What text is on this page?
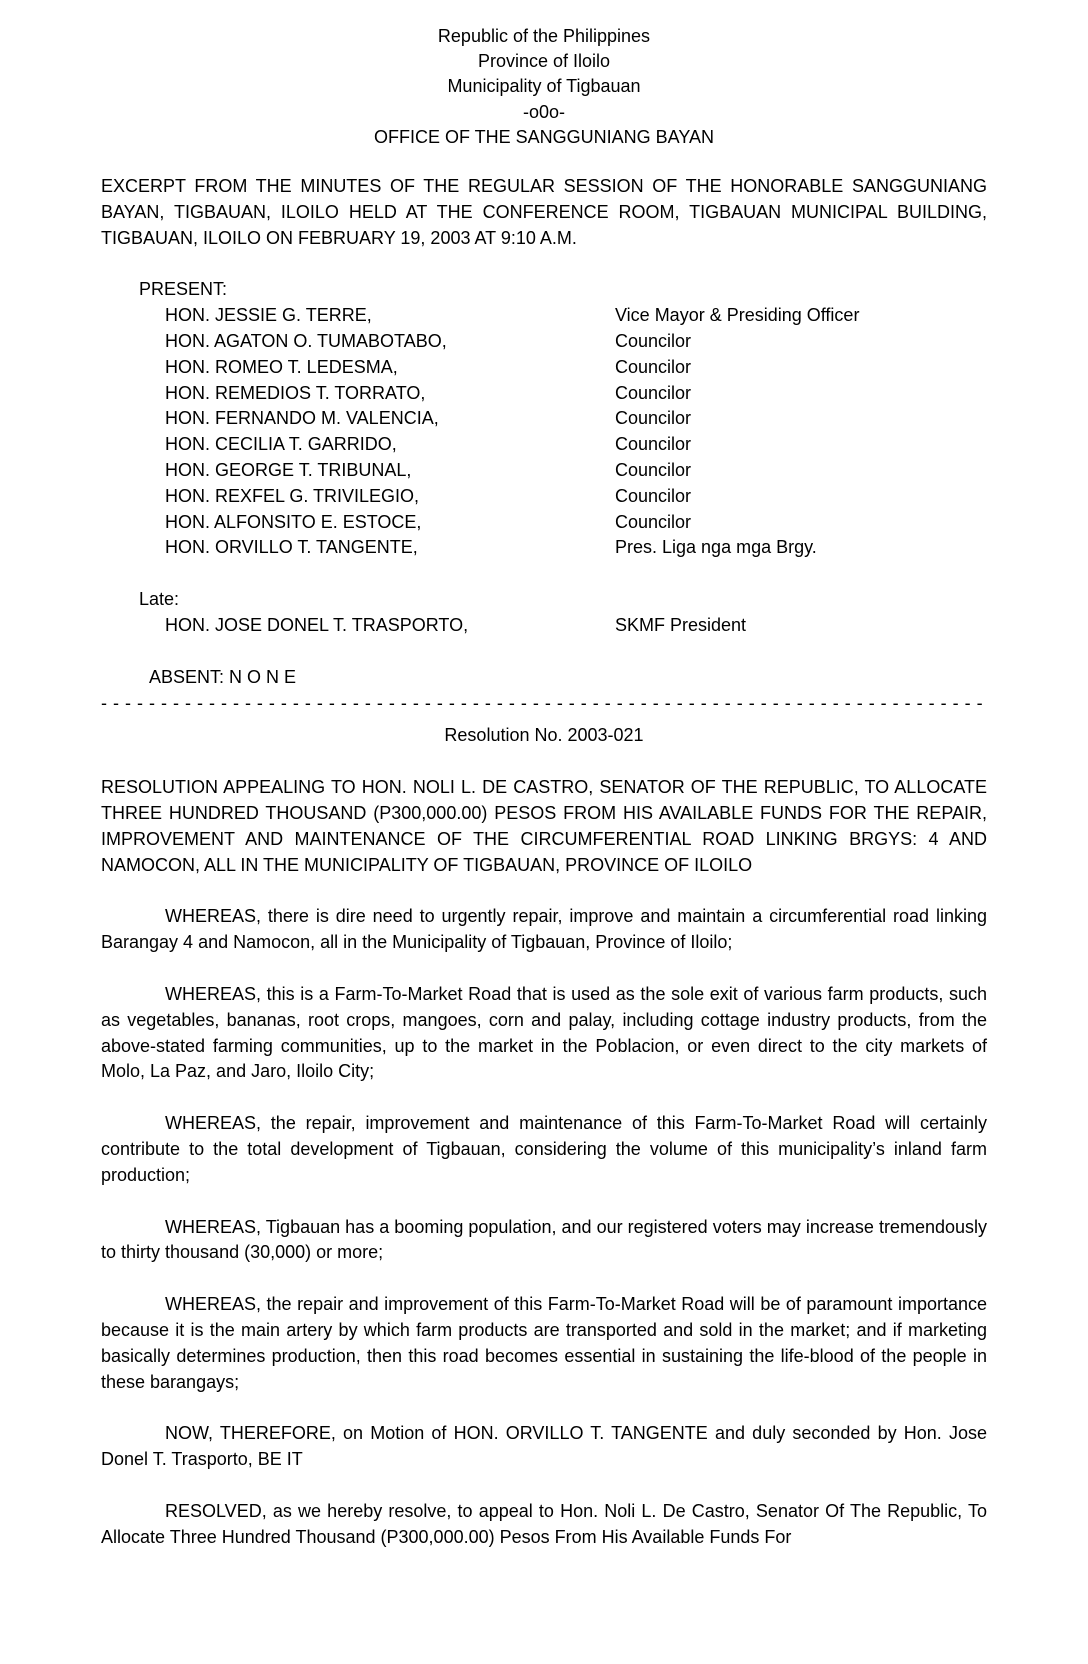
Republic of the Philippines
Province of Iloilo
Municipality of Tigbauan
-o0o-
OFFICE OF THE SANGGUNIANG BAYAN
EXCERPT FROM THE MINUTES OF THE REGULAR SESSION OF THE HONORABLE SANGGUNIANG BAYAN, TIGBAUAN, ILOILO HELD AT THE CONFERENCE ROOM, TIGBAUAN MUNICIPAL BUILDING, TIGBAUAN, ILOILO ON FEBRUARY 19, 2003 AT 9:10 A.M.
PRESENT:
HON. JESSIE G. TERRE,	Vice Mayor & Presiding Officer
HON. AGATON O. TUMABOTABO,	Councilor
HON. ROMEO T. LEDESMA,	Councilor
HON. REMEDIOS T. TORRATO,	Councilor
HON. FERNANDO M. VALENCIA,	Councilor
HON. CECILIA T. GARRIDO,	Councilor
HON. GEORGE T. TRIBUNAL,	Councilor
HON. REXFEL G. TRIVILEGIO,	Councilor
HON. ALFONSITO E. ESTOCE,	Councilor
HON. ORVILLO T. TANGENTE,	Pres. Liga nga mga Brgy.
Late:
HON. JOSE DONEL T. TRASPORTO,	SKMF President
ABSENT: N O N E
- - - - - - - - - - - - - - - - - - - - - - - - - - - - - - - - - - - - - - - - - - - - - - - - - - - - - - - - - - - - - - - - - - - - - - - - - -
Resolution No. 2003-021
RESOLUTION APPEALING TO HON. NOLI L. DE CASTRO, SENATOR OF THE REPUBLIC, TO ALLOCATE THREE HUNDRED THOUSAND (P300,000.00) PESOS FROM HIS AVAILABLE FUNDS FOR THE REPAIR, IMPROVEMENT AND MAINTENANCE OF THE CIRCUMFERENTIAL ROAD LINKING BRGYS: 4 AND NAMOCON, ALL IN THE MUNICIPALITY OF TIGBAUAN, PROVINCE OF ILOILO

WHEREAS, there is dire need to urgently repair, improve and maintain a circumferential road linking Barangay 4 and Namocon, all in the Municipality of Tigbauan, Province of Iloilo;

WHEREAS, this is a Farm-To-Market Road that is used as the sole exit of various farm products, such as vegetables, bananas, root crops, mangoes, corn and palay, including cottage industry products, from the above-stated farming communities, up to the market in the Poblacion, or even direct to the city markets of Molo, La Paz, and Jaro, Iloilo City;

WHEREAS, the repair, improvement and maintenance of this Farm-To-Market Road will certainly contribute to the total development of Tigbauan, considering the volume of this municipality’s inland farm production;

WHEREAS, Tigbauan has a booming population, and our registered voters may increase tremendously to thirty thousand (30,000) or more;

WHEREAS, the repair and improvement of this Farm-To-Market Road will be of paramount importance because it is the main artery by which farm products are transported and sold in the market; and if marketing basically determines production, then this road becomes essential in sustaining the life-blood of the people in these barangays;

NOW, THEREFORE, on Motion of HON. ORVILLO T. TANGENTE and duly seconded by Hon. Jose Donel T. Trasporto, BE IT

RESOLVED, as we hereby resolve, to appeal to Hon. Noli L. De Castro, Senator Of The Republic, To Allocate Three Hundred Thousand (P300,000.00) Pesos From His Available Funds For
